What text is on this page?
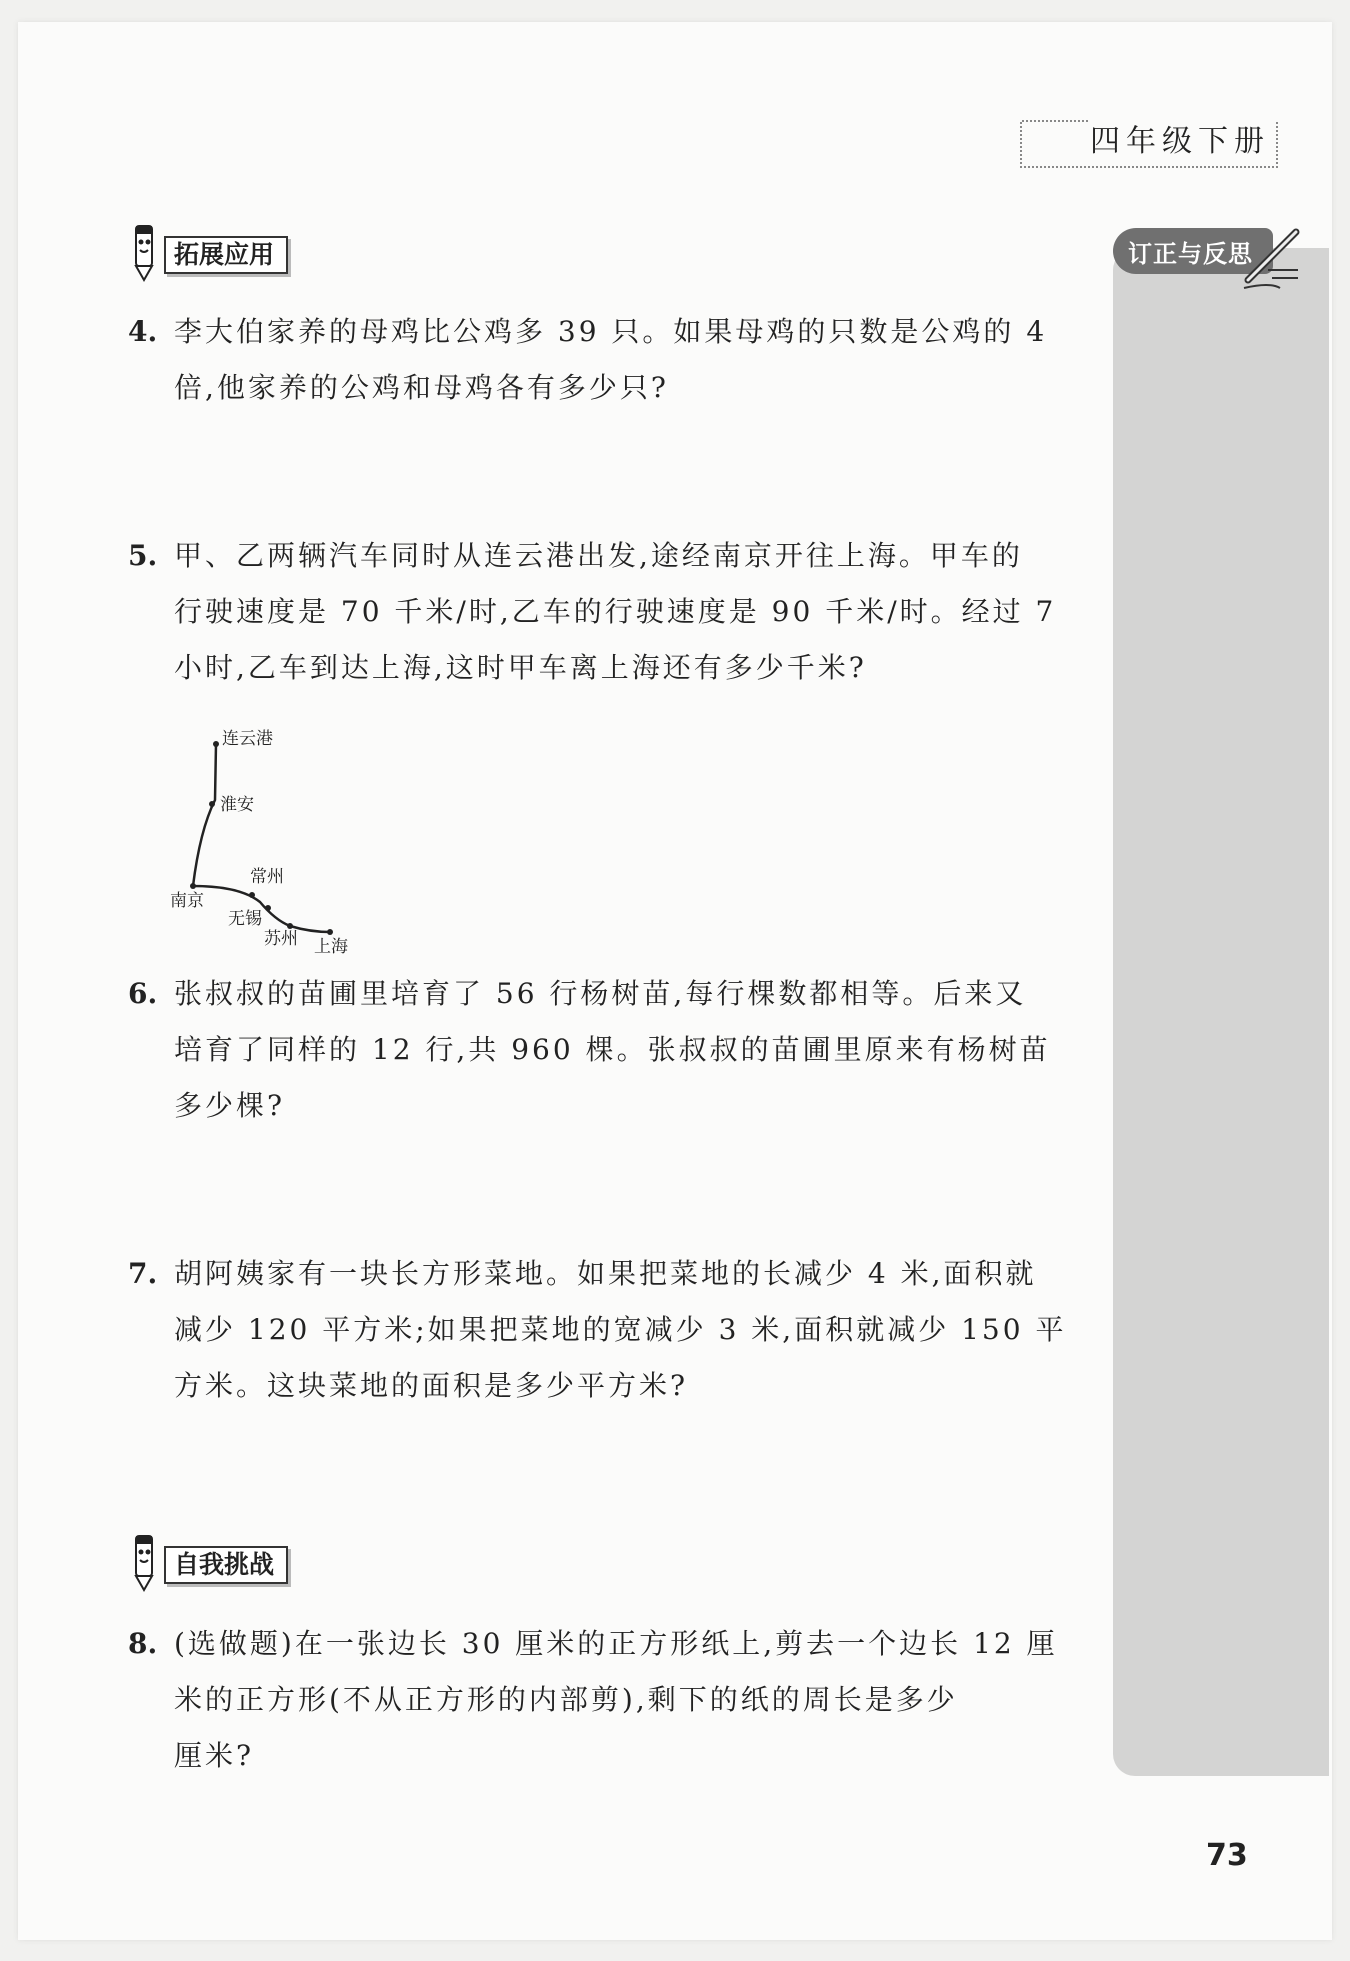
四年级下册
订正与反思
拓展应用
4. 李大伯家养的母鸡比公鸡多 39 只。如果母鸡的只数是公鸡的 4
倍,他家养的公鸡和母鸡各有多少只?
5. 甲、乙两辆汽车同时从连云港出发,途经南京开往上海。甲车的
行驶速度是 70 千米/时,乙车的行驶速度是 90 千米/时。经过 7
小时,乙车到达上海,这时甲车离上海还有多少千米?
连云港
淮安
南京
常州
无锡
苏州 上海
6. 张叔叔的苗圃里培育了 56 行杨树苗,每行棵数都相等。后来又
培育了同样的 12 行,共 960 棵。张叔叔的苗圃里原来有杨树苗
多少棵?
7. 胡阿姨家有一块长方形菜地。如果把菜地的长减少 4 米,面积就
减少 120 平方米;如果把菜地的宽减少 3 米,面积就减少 150 平
方米。这块菜地的面积是多少平方米?
自我挑战
8. (选做题)在一张边长 30 厘米的正方形纸上,剪去一个边长 12 厘
米的正方形(不从正方形的内部剪),剩下的纸的周长是多少
厘米?
73
